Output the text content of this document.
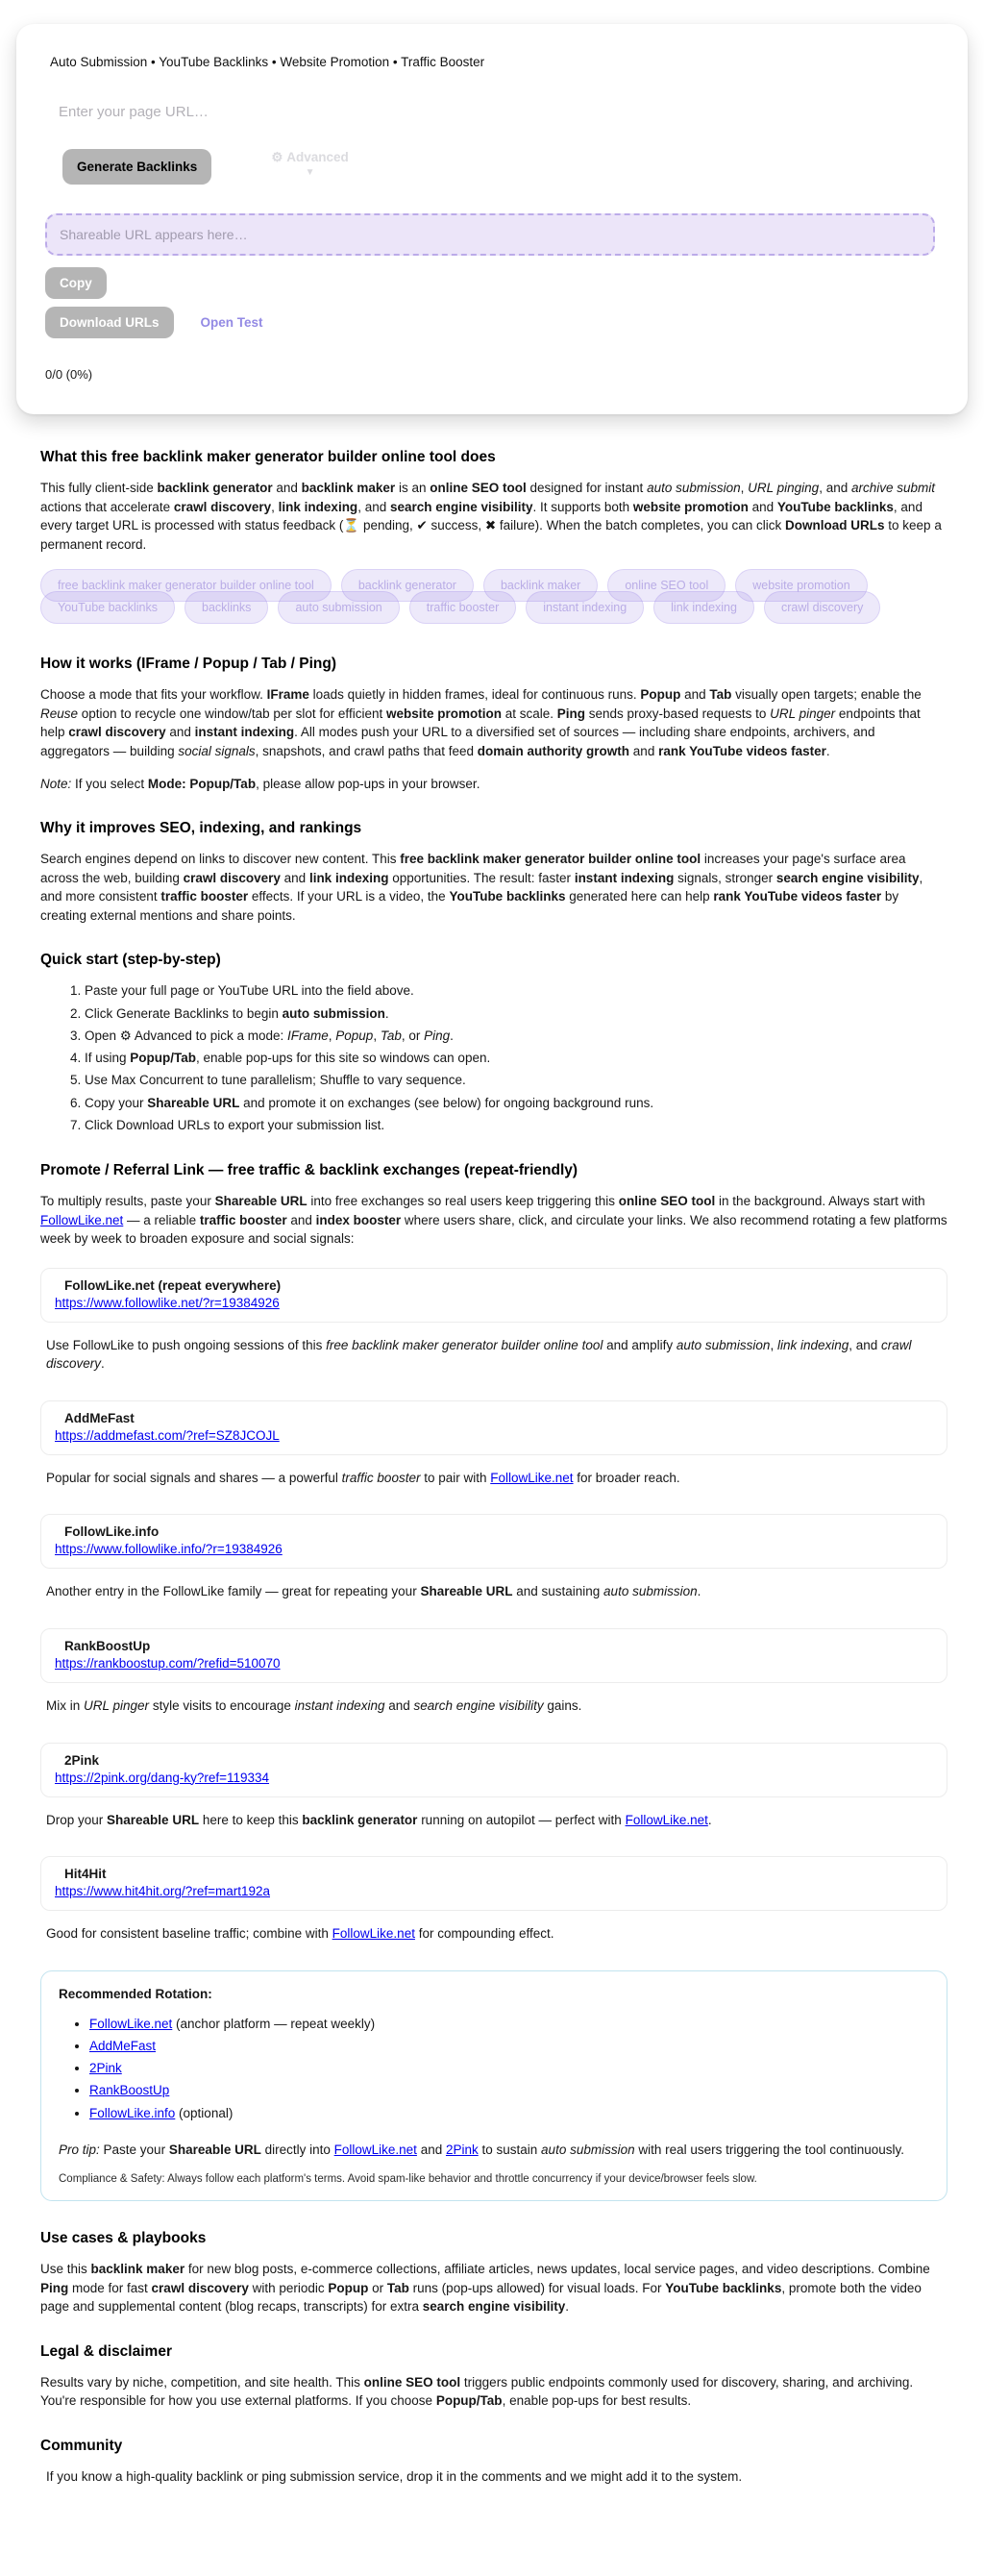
Auto Submission • YouTube Backlinks • Website Promotion • Traffic Booster
Enter your page URL…
Generate Backlinks
⚙ Advanced
▼
Shareable URL appears here…
Copy
Download URLs	Open Test
0/0 (0%)
What this free backlink maker generator builder online tool does

This fully client-side backlink generator and backlink maker is an online SEO tool designed for instant auto submission, URL pinging, and archive submit actions that accelerate crawl discovery, link indexing, and search engine visibility. It supports both website promotion and YouTube backlinks, and every target URL is processed with status feedback (⏳ pending, ✔ success, ✖ failure). When the batch completes, you can click Download URLs to keep a permanent record.

free backlink maker generator builder online tool	backlink generator	backlink maker	online SEO tool	website promotion
YouTube backlinks	backlinks	auto submission	traffic booster	instant indexing	link indexing	crawl discovery
How it works (IFrame / Popup / Tab / Ping)

Choose a mode that fits your workflow. IFrame loads quietly in hidden frames, ideal for continuous runs. Popup and Tab visually open targets; enable the Reuse option to recycle one window/tab per slot for efficient website promotion at scale. Ping sends proxy-based requests to URL pinger endpoints that help crawl discovery and instant indexing. All modes push your URL to a diversified set of sources — including share endpoints, archivers, and aggregators — building social signals, snapshots, and crawl paths that feed domain authority growth and rank YouTube videos faster.

Note: If you select Mode: Popup/Tab, please allow pop-ups in your browser.

Why it improves SEO, indexing, and rankings

Search engines depend on links to discover new content. This free backlink maker generator builder online tool increases your page's surface area across the web, building crawl discovery and link indexing opportunities. The result: faster instant indexing signals, stronger search engine visibility, and more consistent traffic booster effects. If your URL is a video, the YouTube backlinks generated here can help rank YouTube videos faster by creating external mentions and share points.

Quick start (step-by-step)
1. Paste your full page or YouTube URL into the field above.
2. Click Generate Backlinks to begin auto submission.
3. Open ⚙ Advanced to pick a mode: IFrame, Popup, Tab, or Ping.
4. If using Popup/Tab, enable pop-ups for this site so windows can open.
5. Use Max Concurrent to tune parallelism; Shuffle to vary sequence.
6. Copy your Shareable URL and promote it on exchanges (see below) for ongoing background runs.
7. Click Download URLs to export your submission list.
Promote / Referral Link — free traffic & backlink exchanges (repeat-friendly)

To multiply results, paste your Shareable URL into free exchanges so real users keep triggering this online SEO tool in the background. Always start with FollowLike.net — a reliable traffic booster and index booster where users share, click, and circulate your links. We also recommend rotating a few platforms week by week to broaden exposure and social signals:

FollowLike.net (repeat everywhere)
https://www.followlike.net/?r=19384926

Use FollowLike to push ongoing sessions of this free backlink maker generator builder online tool and amplify auto submission, link indexing, and crawl discovery.

AddMeFast
https://addmefast.com/?ref=SZ8JCOJL

Popular for social signals and shares — a powerful traffic booster to pair with FollowLike.net for broader reach.

FollowLike.info
https://www.followlike.info/?r=19384926

Another entry in the FollowLike family — great for repeating your Shareable URL and sustaining auto submission.

RankBoostUp
https://rankboostup.com/?refid=510070

Mix in URL pinger style visits to encourage instant indexing and search engine visibility gains.

2Pink
https://2pink.org/dang-ky?ref=119334

Drop your Shareable URL here to keep this backlink generator running on autopilot — perfect with FollowLike.net.

Hit4Hit
https://www.hit4hit.org/?ref=mart192a

Good for consistent baseline traffic; combine with FollowLike.net for compounding effect.

Recommended Rotation:
• FollowLike.net (anchor platform — repeat weekly)
• AddMeFast
• 2Pink
• RankBoostUp
• FollowLike.info (optional)

Pro tip: Paste your Shareable URL directly into FollowLike.net and 2Pink to sustain auto submission with real users triggering the tool continuously.

Compliance & Safety: Always follow each platform's terms. Avoid spam-like behavior and throttle concurrency if your device/browser feels slow.
Use cases & playbooks

Use this backlink maker for new blog posts, e-commerce collections, affiliate articles, news updates, local service pages, and video descriptions. Combine Ping mode for fast crawl discovery with periodic Popup or Tab runs (pop-ups allowed) for visual loads. For YouTube backlinks, promote both the video page and supplemental content (blog recaps, transcripts) for extra search engine visibility.

Legal & disclaimer

Results vary by niche, competition, and site health. This online SEO tool triggers public endpoints commonly used for discovery, sharing, and archiving. You're responsible for how you use external platforms. If you choose Popup/Tab, enable pop-ups for best results.

Community

If you know a high-quality backlink or ping submission service, drop it in the comments and we might add it to the system.
